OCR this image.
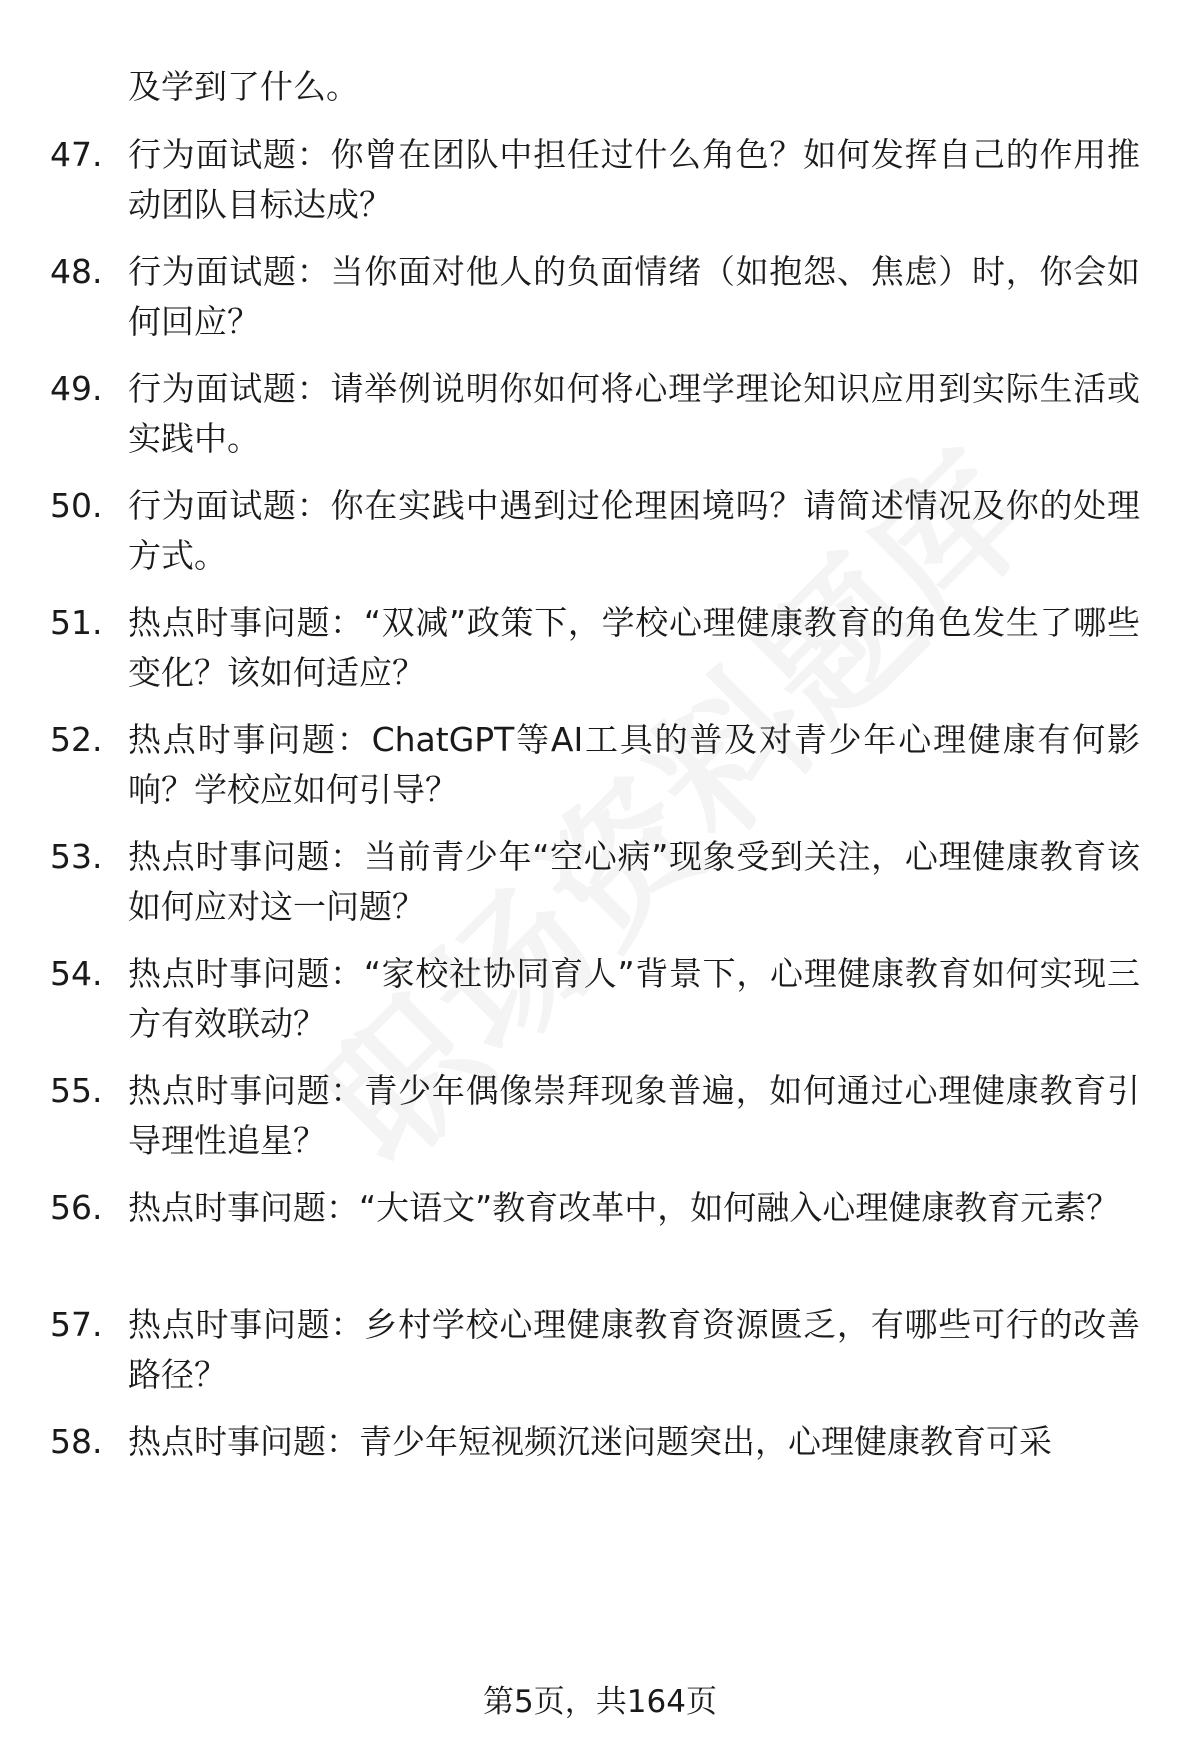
及学到了什么。
47. 行为面试题：你曾在团队中担任过什么角色？如何发挥自己的作用推动团队目标达成？
48. 行为面试题：当你面对他人的负面情绪（如抱怨、焦虑）时，你会如何回应？
49. 行为面试题：请举例说明你如何将心理学理论知识应用到实际生活或实践中。
50. 行为面试题：你在实践中遇到过伦理困境吗？请简述情况及你的处理方式。
51. 热点时事问题：“双减”政策下，学校心理健康教育的角色发生了哪些变化？该如何适应？
52. 热点时事问题：ChatGPT等AI工具的普及对青少年心理健康有何影响？学校应如何引导？
53. 热点时事问题：当前青少年“空心病”现象受到关注，心理健康教育该如何应对这一问题？
54. 热点时事问题：“家校社协同育人”背景下，心理健康教育如何实现三方有效联动？
55. 热点时事问题：青少年偶像崇拜现象普遍，如何通过心理健康教育引导理性追星？
56. 热点时事问题：“大语文”教育改革中，如何融入心理健康教育元素？
57. 热点时事问题：乡村学校心理健康教育资源匮乏，有哪些可行的改善路径？
58. 热点时事问题：青少年短视频沉迷问题突出，心理健康教育可采
第5页，共164页
